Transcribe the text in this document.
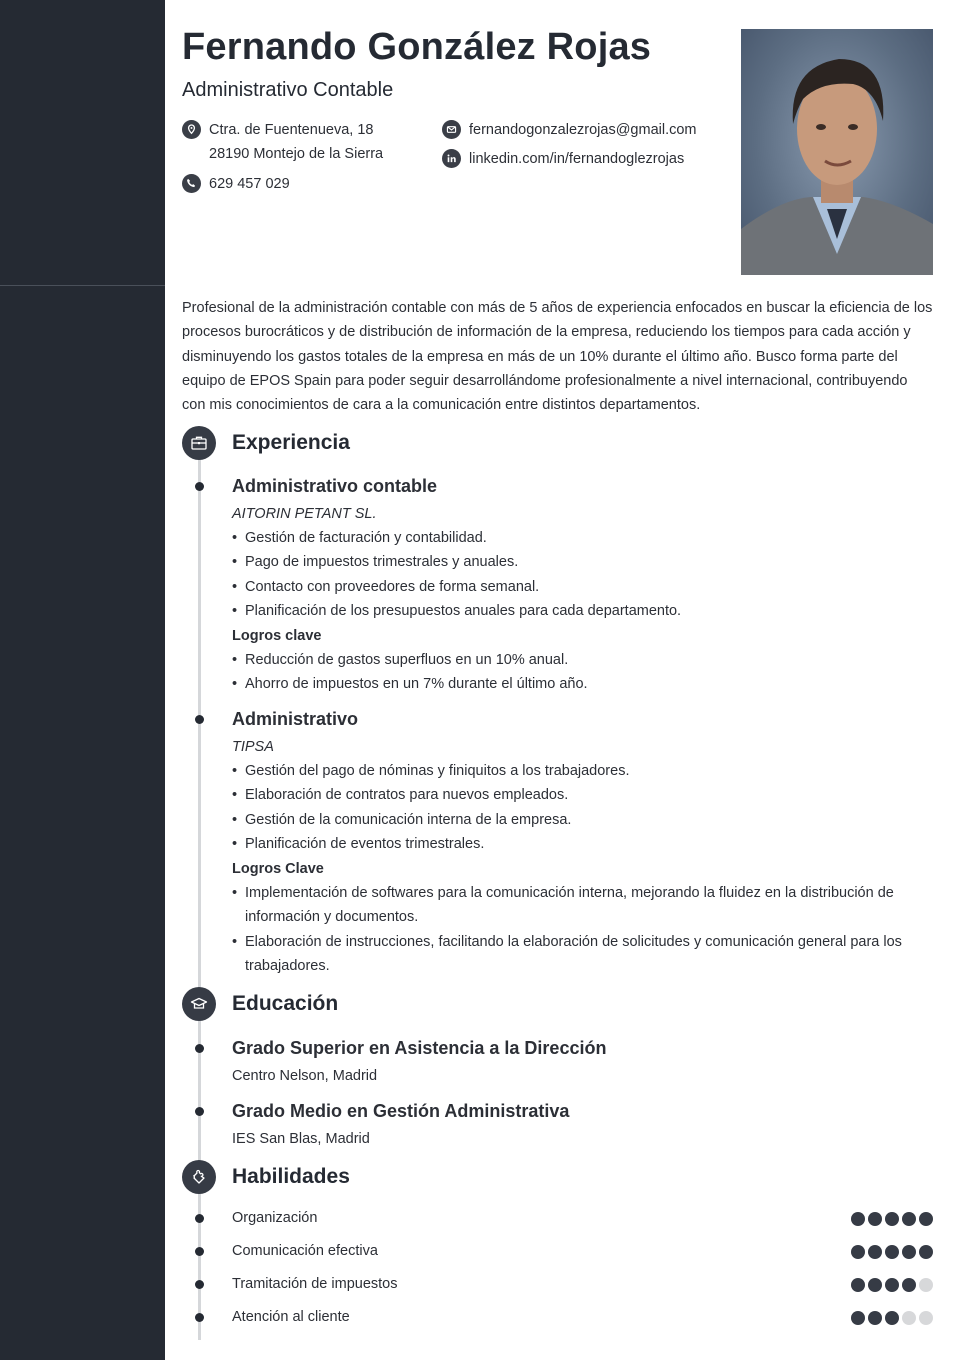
2017-01 - 2020-09
2015-07 - 2016-12
2013-09 - 2015-06
2011-09 - 2015-06
Fernando González Rojas
Administrativo Contable
Ctra. de Fuentenueva, 18
28190 Montejo de la Sierra
629 457 029
fernandogonzalezrojas@gmail.com
linkedin.com/in/fernandoglezrojas

Profesional de la administración contable con más de 5 años de experiencia enfocados en buscar la eficiencia de los procesos burocráticos y de distribución de información de la empresa, reduciendo los tiempos para cada acción y disminuyendo los gastos totales de la empresa en más de un 10% durante el último año. Busco forma parte del equipo de EPOS Spain para poder seguir desarrollándome profesionalmente a nivel internacional, contribuyendo con mis conocimientos de cara a la comunicación entre distintos departamentos.

Experiencia
Administrativo contable
AITORIN PETANT SL.
• Gestión de facturación y contabilidad.
• Pago de impuestos trimestrales y anuales.
• Contacto con proveedores de forma semanal.
• Planificación de los presupuestos anuales para cada departamento.
Logros clave
• Reducción de gastos superfluos en un 10% anual.
• Ahorro de impuestos en un 7% durante el último año.
Administrativo
TIPSA
• Gestión del pago de nóminas y finiquitos a los trabajadores.
• Elaboración de contratos para nuevos empleados.
• Gestión de la comunicación interna de la empresa.
• Planificación de eventos trimestrales.
Logros Clave
• Implementación de softwares para la comunicación interna, mejorando la fluidez en la distribución de información y documentos.
• Elaboración de instrucciones, facilitando la elaboración de solicitudes y comunicación general para los trabajadores.
Educación
Grado Superior en Asistencia a la Dirección
Centro Nelson, Madrid
Grado Medio en Gestión Administrativa
IES San Blas, Madrid
Habilidades
Organización
Comunicación efectiva
Tramitación de impuestos
Atención al cliente
